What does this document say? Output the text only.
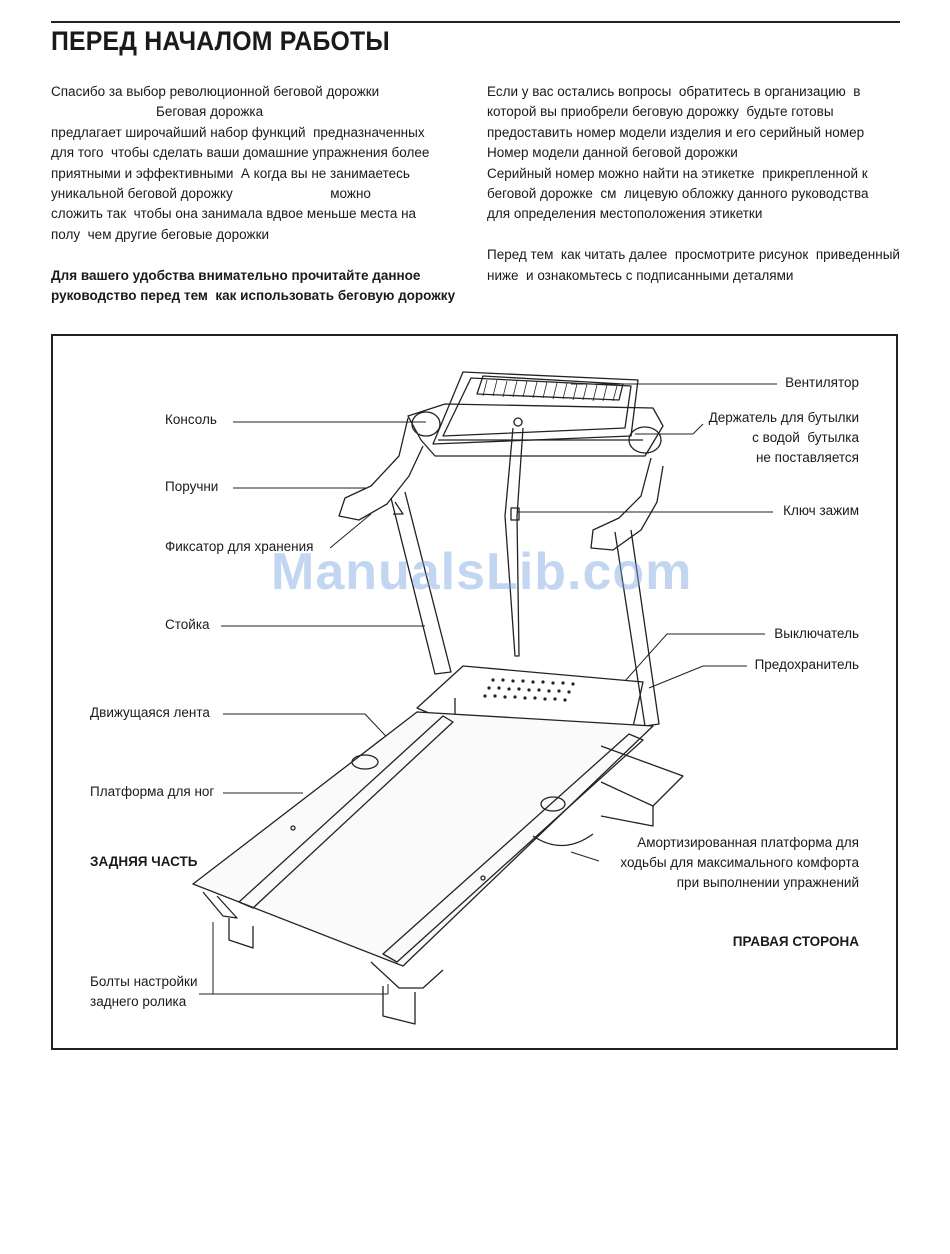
ПЕРЕД НАЧАЛОМ РАБОТЫ
Спасибо за выбор революционной беговой дорожки
Беговая дорожка
предлагает широчайший набор функций  предназначенных
для того  чтобы сделать ваши домашние упражнения более
приятными и эффективными  А когда вы не занимаетесь
уникальной беговой дорожку                          можно
сложить так  чтобы она занимала вдвое меньше места на
полу  чем другие беговые дорожки
Для вашего удобства внимательно прочитайте данное
руководство перед тем  как использовать беговую дорожку
Если у вас остались вопросы  обратитесь в организацию  в
которой вы приобрели беговую дорожку  будьте готовы
предоставить номер модели изделия и его серийный номер
Номер модели данной беговой дорожки
Серийный номер можно найти на этикетке  прикрепленной к
беговой дорожке  см  лицевую обложку данного руководства
для определения местоположения этикетки
Перед тем  как читать далее  просмотрите рисунок  приведенный
ниже  и ознакомьтесь с подписанными деталями
ManualsLib.com
Консоль
Поручни
Фиксатор для хранения
Стойка
Движущаяся лента
Платформа для ног
ЗАДНЯЯ ЧАСТЬ
Болты настройки
заднего ролика
Вентилятор
Держатель для бутылки
с водой  бутылка
не поставляется
Ключ зажим
Выключатель
Предохранитель
Амортизированная платформа для
ходьбы для максимального комфорта
при выполнении упражнений
ПРАВАЯ СТОРОНА
